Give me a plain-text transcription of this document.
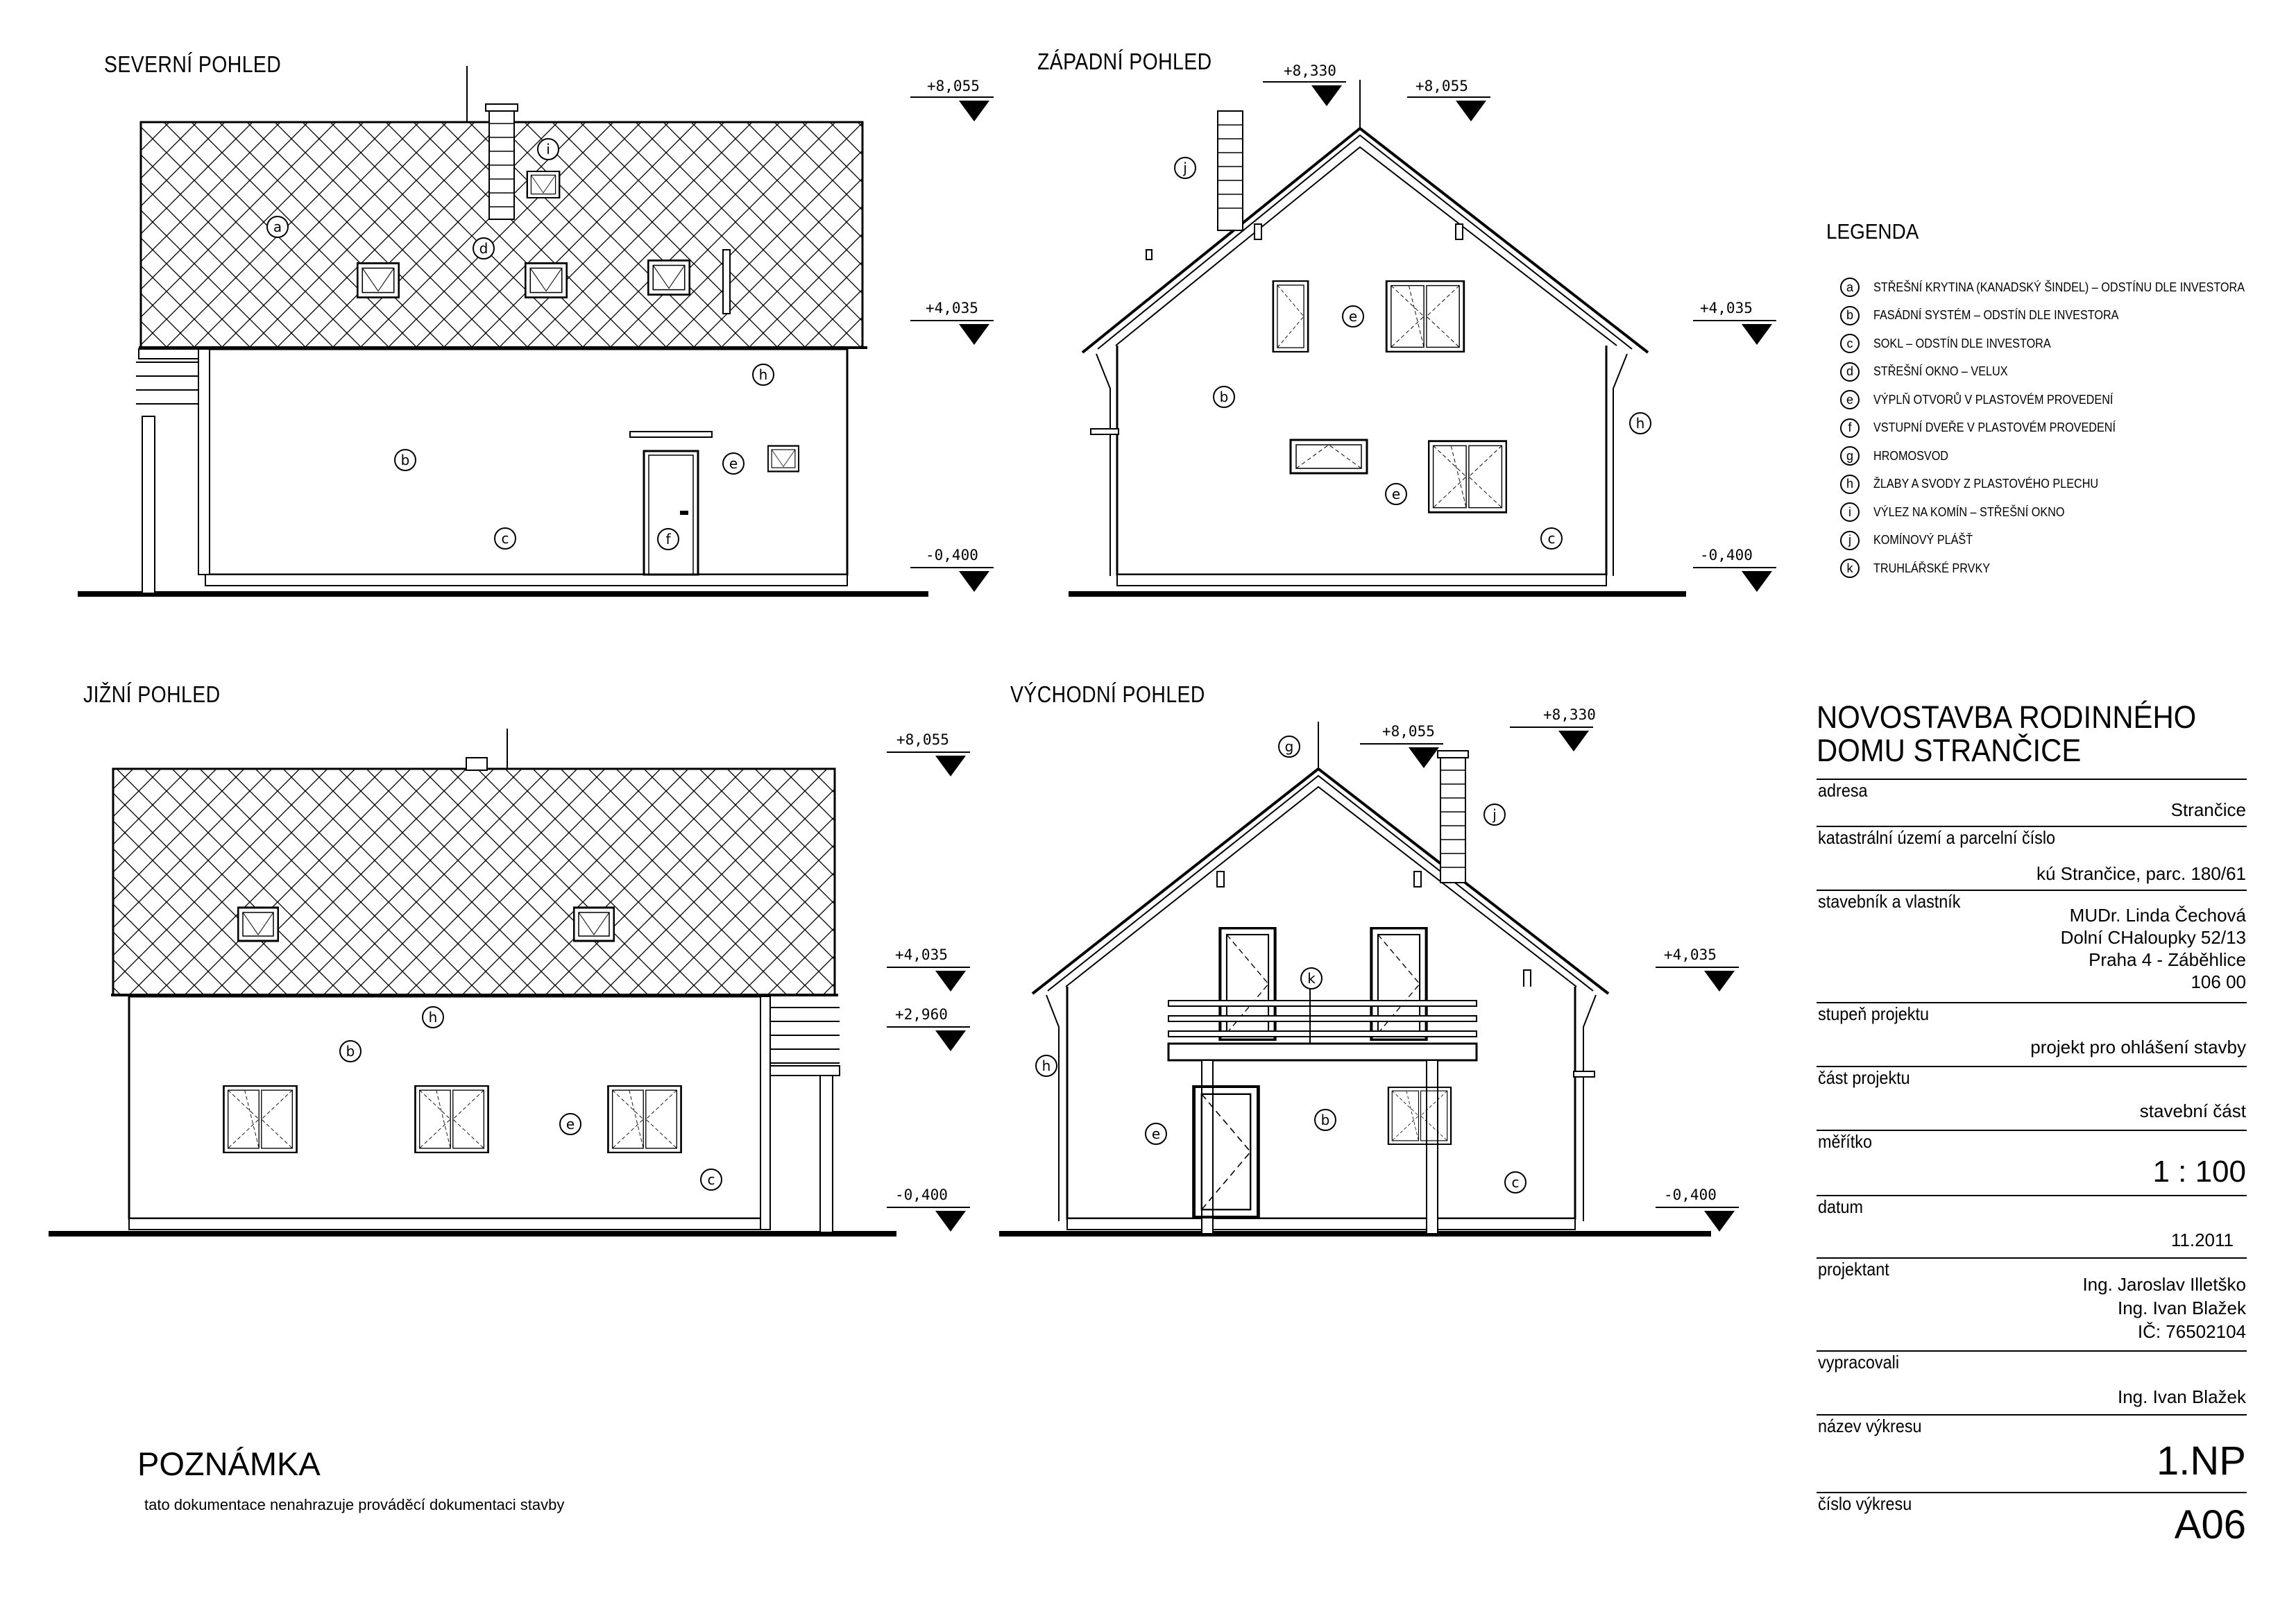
a
b
c
d
e
f
h
i
j
e
b
h
e
c
h
b
e
c
g
j
k
h
b
e
c
SEVERNÍ POHLED	ZÁPADNÍ POHLED
JIŽNÍ POHLED	VÝCHODNÍ POHLED
+8,055
+4,035
-0,400
+8,330
+8,055
+4,035
-0,400
+8,055
+4,035
+2,960
-0,400
+8,055
+8,330
+4,035
-0,400
LEGENDA
a	STŘEŠNÍ KRYTINA (KANADSKÝ ŠINDEL) – ODSTÍNU DLE INVESTORA
b	FASÁDNÍ SYSTÉM – ODSTÍN DLE INVESTORA
c	SOKL – ODSTÍN DLE INVESTORA
d	STŘEŠNÍ OKNO – VELUX
e	VÝPLŇ OTVORŮ V PLASTOVÉM PROVEDENÍ
f	VSTUPNÍ DVEŘE V PLASTOVÉM PROVEDENÍ
g	HROMOSVOD
h	ŽLABY A SVODY Z PLASTOVÉHO PLECHU
i	VÝLEZ NA KOMÍN – STŘEŠNÍ OKNO
j	KOMÍNOVÝ PLÁŠŤ
k	TRUHLÁŘSKÉ PRVKY
NOVOSTAVBA RODINNÉHO
DOMU STRANČICE
adresa
Strančice
katastrální území a parcelní číslo
kú Strančice, parc. 180/61
stavebník a vlastník
MUDr. Linda Čechová
Dolní CHaloupky 52/13
Praha 4 - Záběhlice
106 00
stupeň projektu
projekt pro ohlášení stavby
část projektu
stavební část
měřítko
1 : 100
datum
11.2011
projektant
Ing. Jaroslav Illetško
Ing. Ivan Blažek
IČ: 76502104
vypracovali
Ing. Ivan Blažek
název výkresu
1.NP
číslo výkresu	A06
POZNÁMKA
tato dokumentace nenahrazuje prováděcí dokumentaci stavby
